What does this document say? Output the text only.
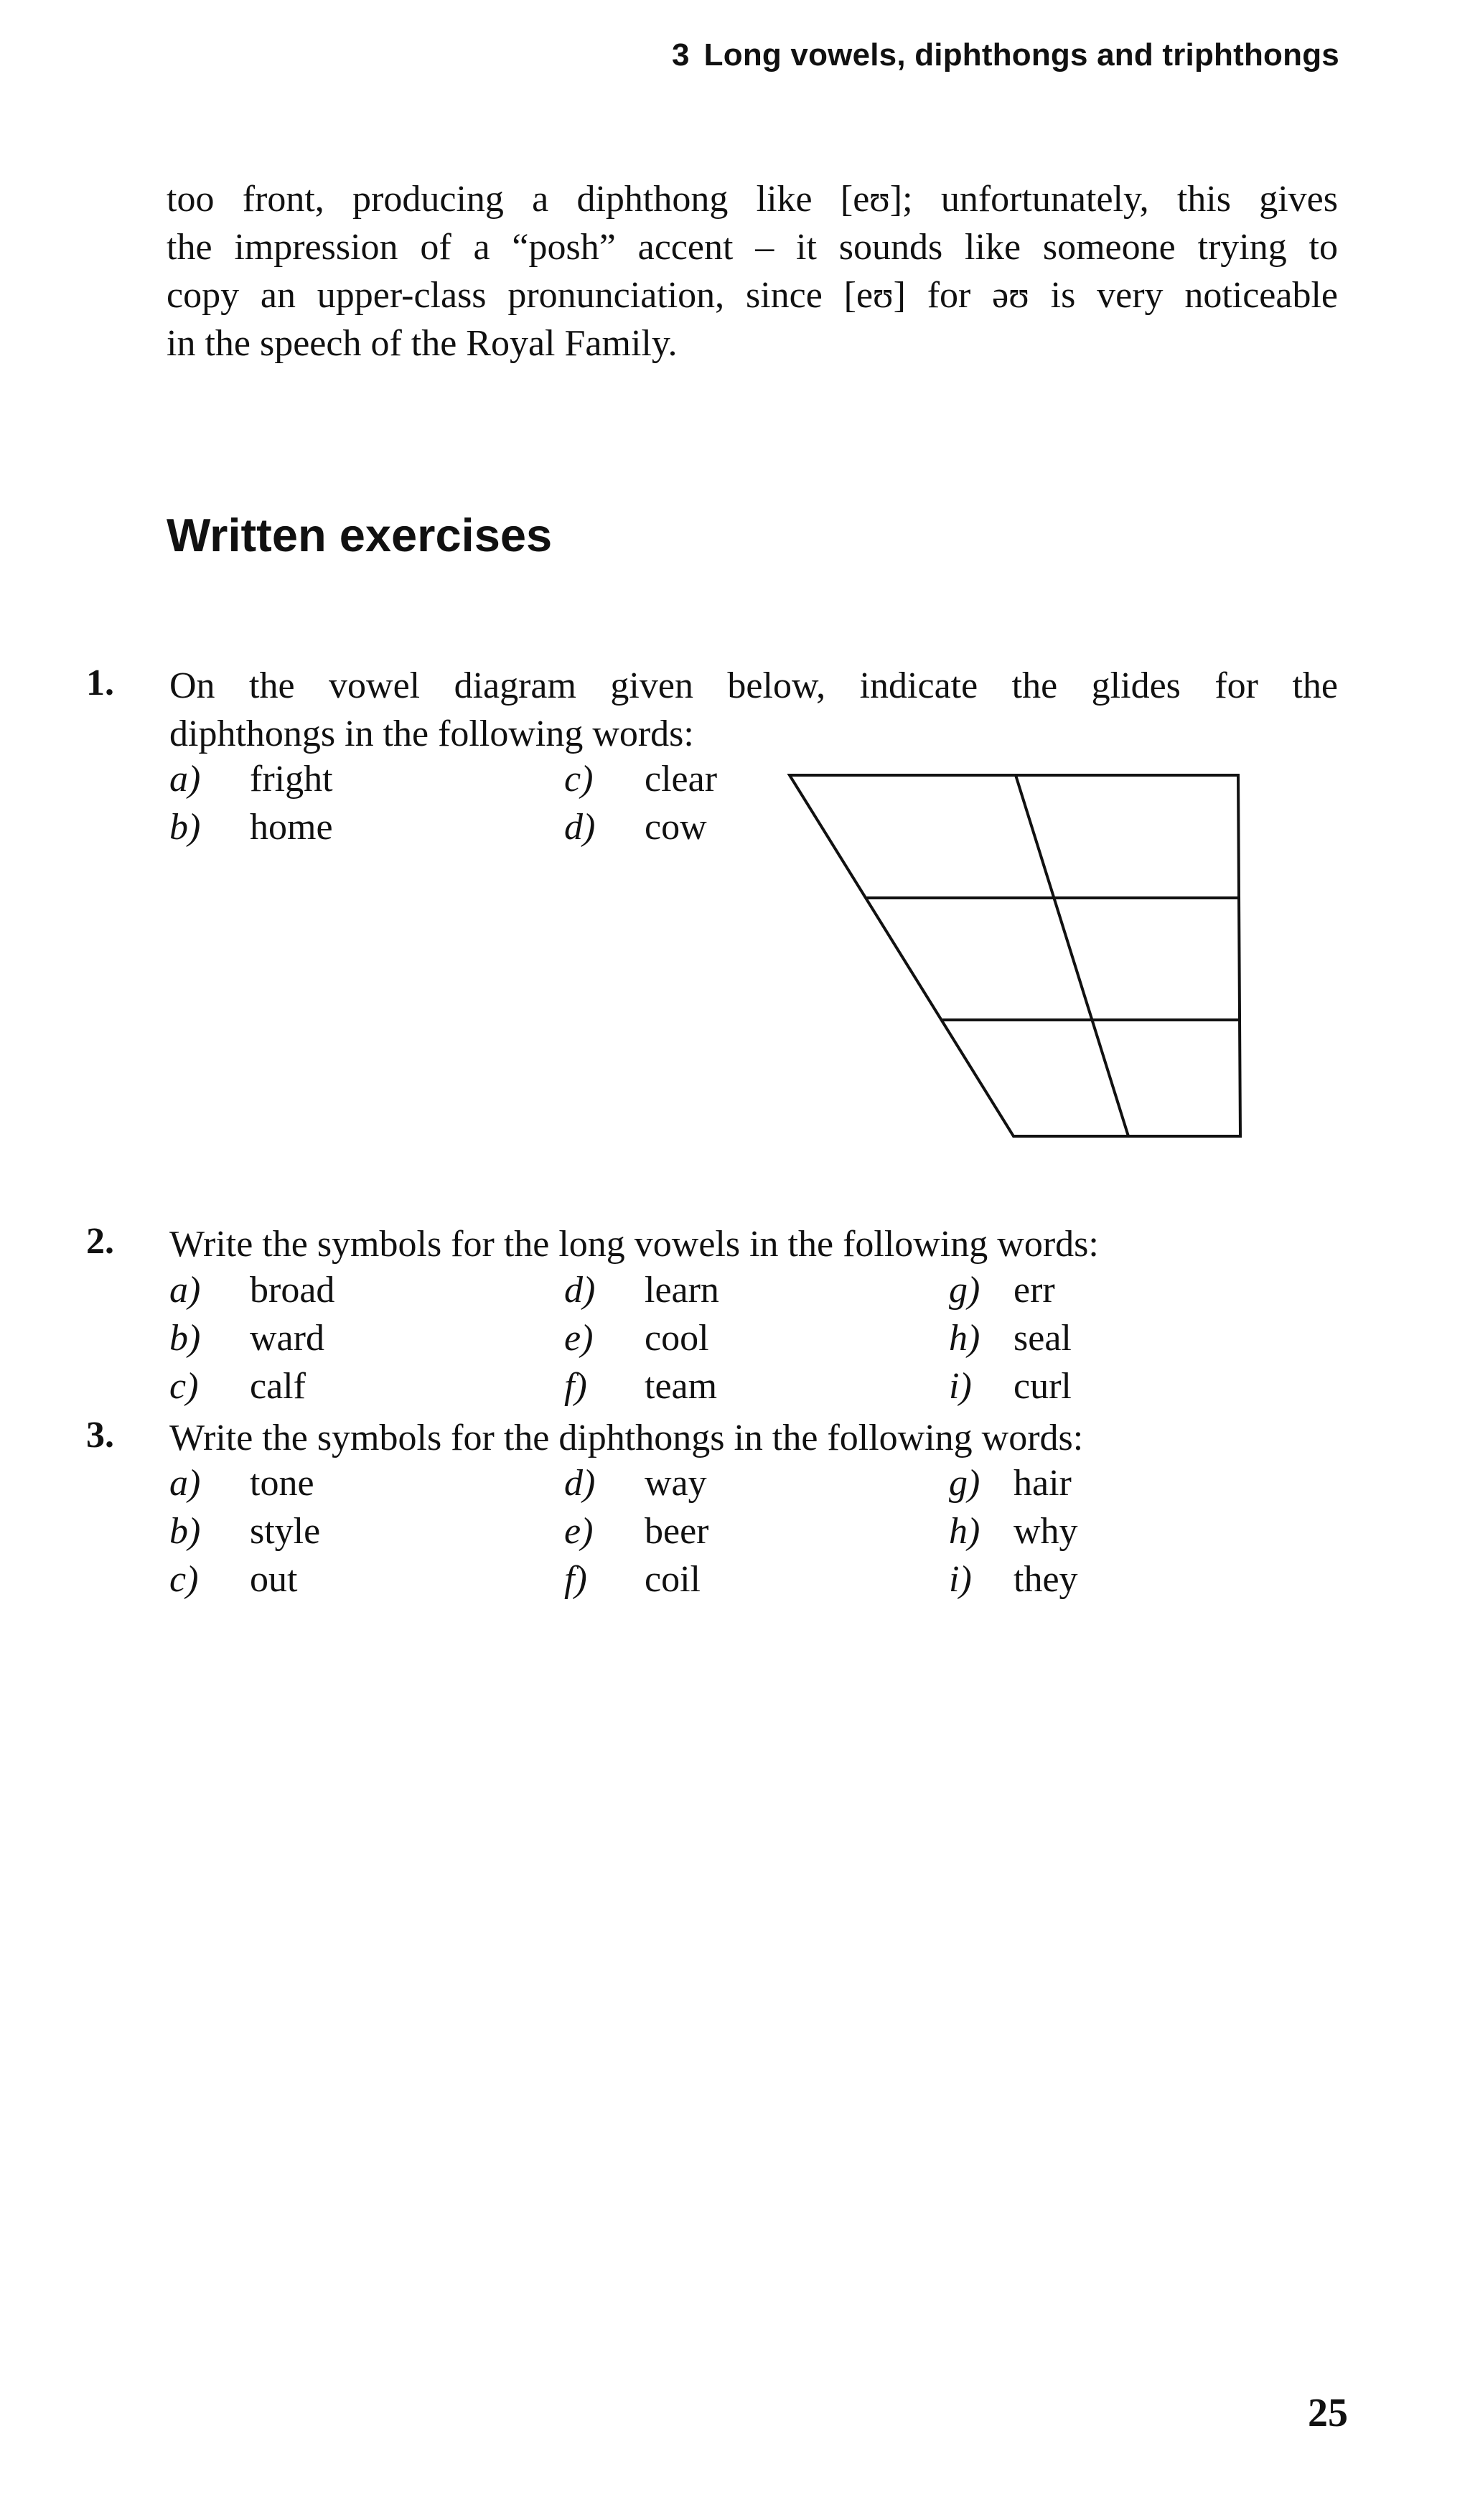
3 Long vowels, diphthongs and triphthongs

too front, producing a diphthong like [eʊ]; unfortunately, this gives
the impression of a “posh” accent – it sounds like someone trying to
copy an upper-class pronunciation, since [eʊ] for əʊ is very noticeable
in the speech of the Royal Family.

Written exercises
1. On the vowel diagram given below, indicate the glides for the
diphthongs in the following words:
a) fright
b) home
c) clear
d) cow
2. Write the symbols for the long vowels in the following words:
a) broad
b) ward
c) calf
d) learn
e) cool
f) team
g) err
h) seal
i) curl
3. Write the symbols for the diphthongs in the following words:
a) tone
b) style
c) out
d) way
e) beer
f) coil
g) hair
h) why
i) they
25
